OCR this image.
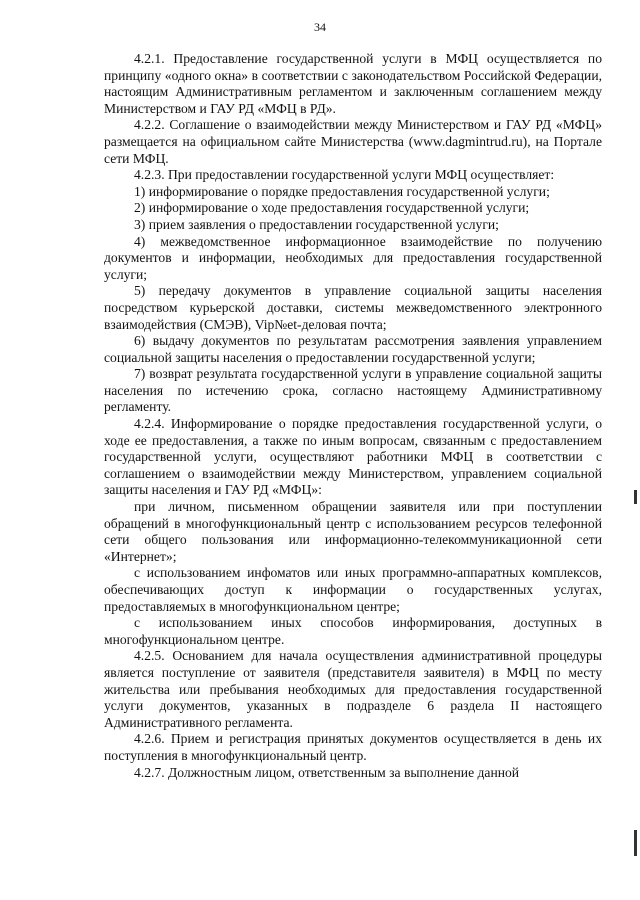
34

4.2.1. Предоставление государственной услуги в МФЦ осуществляется по принципу «одного окна» в соответствии с законодательством Российской Федерации, настоящим Административным регламентом и заключенным соглашением между Министерством и ГАУ РД «МФЦ в РД».

4.2.2. Соглашение о взаимодействии между Министерством и ГАУ РД «МФЦ» размещается на официальном сайте Министерства (www.dagmintrud.ru), на Портале сети МФЦ.

4.2.3. При предоставлении государственной услуги МФЦ осуществляет:

1) информирование о порядке предоставления государственной услуги;

2) информирование о ходе предоставления государственной услуги;

3) прием заявления о предоставлении государственной услуги;

4) межведомственное информационное взаимодействие по получению документов и информации, необходимых для предоставления государственной услуги;

5) передачу документов в управление социальной защиты населения посредством курьерской доставки, системы межведомственного электронного взаимодействия (СМЭВ), Vip№et-деловая почта;

6) выдачу документов по результатам рассмотрения заявления управлением социальной защиты населения о предоставлении государственной услуги;

7) возврат результата государственной услуги в управление социальной защиты населения по истечению срока, согласно настоящему Административному регламенту.

4.2.4. Информирование о порядке предоставления государственной услуги, о ходе ее предоставления, а также по иным вопросам, связанным с предоставлением государственной услуги, осуществляют работники МФЦ в соответствии с соглашением о взаимодействии между Министерством, управлением социальной защиты населения и ГАУ РД «МФЦ»:

при личном, письменном обращении заявителя или при поступлении обращений в многофункциональный центр с использованием ресурсов телефонной сети общего пользования или информационно-телекоммуникационной сети «Интернет»;

с использованием инфоматов или иных программно-аппаратных комплексов, обеспечивающих доступ к информации о государственных услугах, предоставляемых в многофункциональном центре;

с использованием иных способов информирования, доступных в многофункциональном центре.

4.2.5. Основанием для начала осуществления административной процедуры является поступление от заявителя (представителя заявителя) в МФЦ по месту жительства или пребывания необходимых для предоставления государственной услуги документов, указанных в подразделе 6 раздела II настоящего Административного регламента.

4.2.6. Прием и регистрация принятых документов осуществляется в день их поступления в многофункциональный центр.

4.2.7. Должностным лицом, ответственным за выполнение данной
